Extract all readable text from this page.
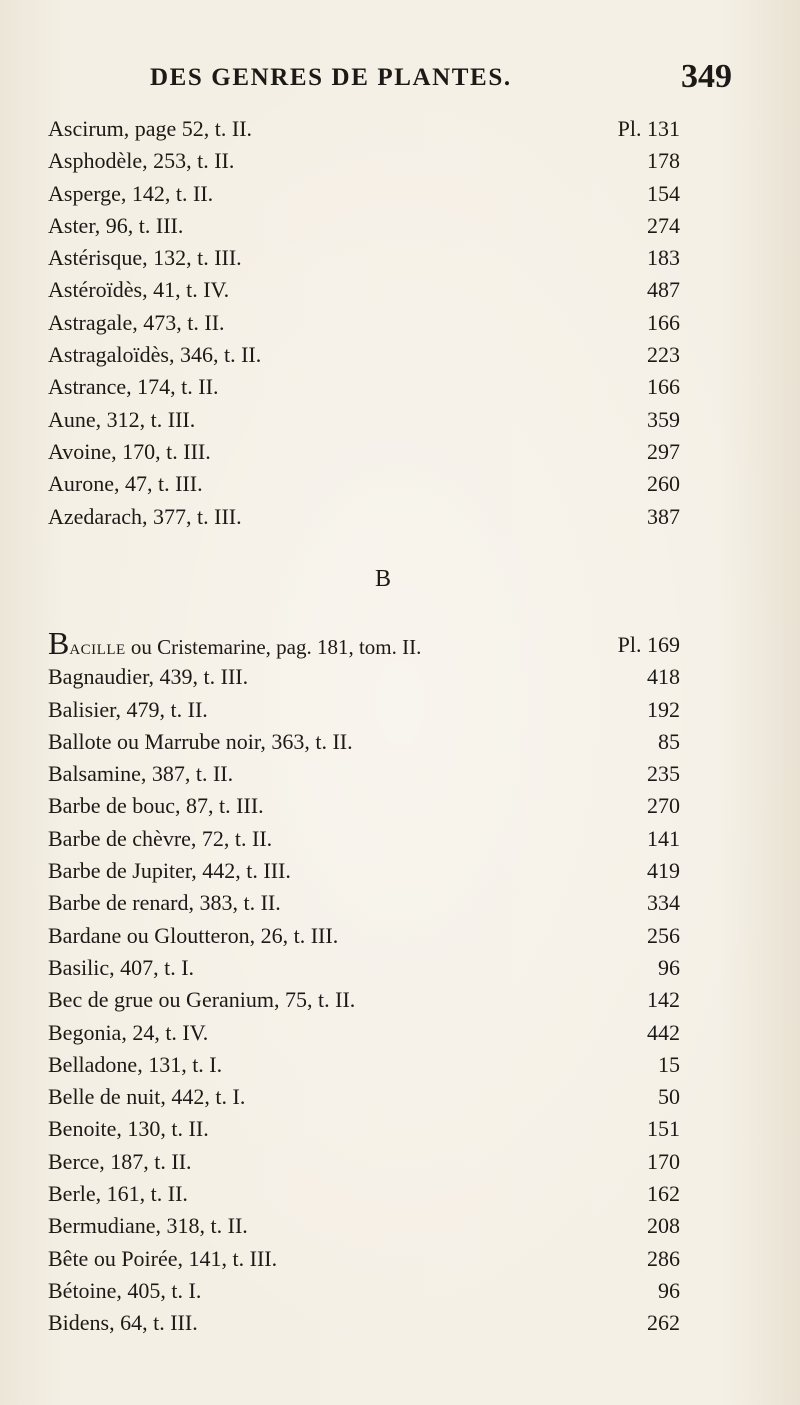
DES GENRES DE PLANTES.	349
Ascirum, page 52, t. II.	Pl. 131
Asphodèle, 253, t. II.	178
Asperge, 142, t. II.	154
Aster, 96, t. III.	274
Astérisque, 132, t. III.	183
Astéroïdès, 41, t. IV.	487
Astragale, 473, t. II.	166
Astragaloïdès, 346, t. II.	223
Astrance, 174, t. II.	166
Aune, 312, t. III.	359
Avoine, 170, t. III.	297
Aurone, 47, t. III.	260
Azedarach, 377, t. III.	387
B
Bacille ou Cristemarine, pag. 181, tom. II.	Pl. 169
Bagnaudier, 439, t. III.	418
Balisier, 479, t. II.	192
Ballote ou Marrube noir, 363, t. II.	85
Balsamine, 387, t. II.	235
Barbe de bouc, 87, t. III.	270
Barbe de chèvre, 72, t. II.	141
Barbe de Jupiter, 442, t. III.	419
Barbe de renard, 383, t. II.	334
Bardane ou Gloutteron, 26, t. III.	256
Basilic, 407, t. I.	96
Bec de grue ou Geranium, 75, t. II.	142
Begonia, 24, t. IV.	442
Belladone, 131, t. I.	15
Belle de nuit, 442, t. I.	50
Benoite, 130, t. II.	151
Berce, 187, t. II.	170
Berle, 161, t. II.	162
Bermudiane, 318, t. II.	208
Bête ou Poirée, 141, t. III.	286
Bétoine, 405, t. I.	96
Bidens, 64, t. III.	262
